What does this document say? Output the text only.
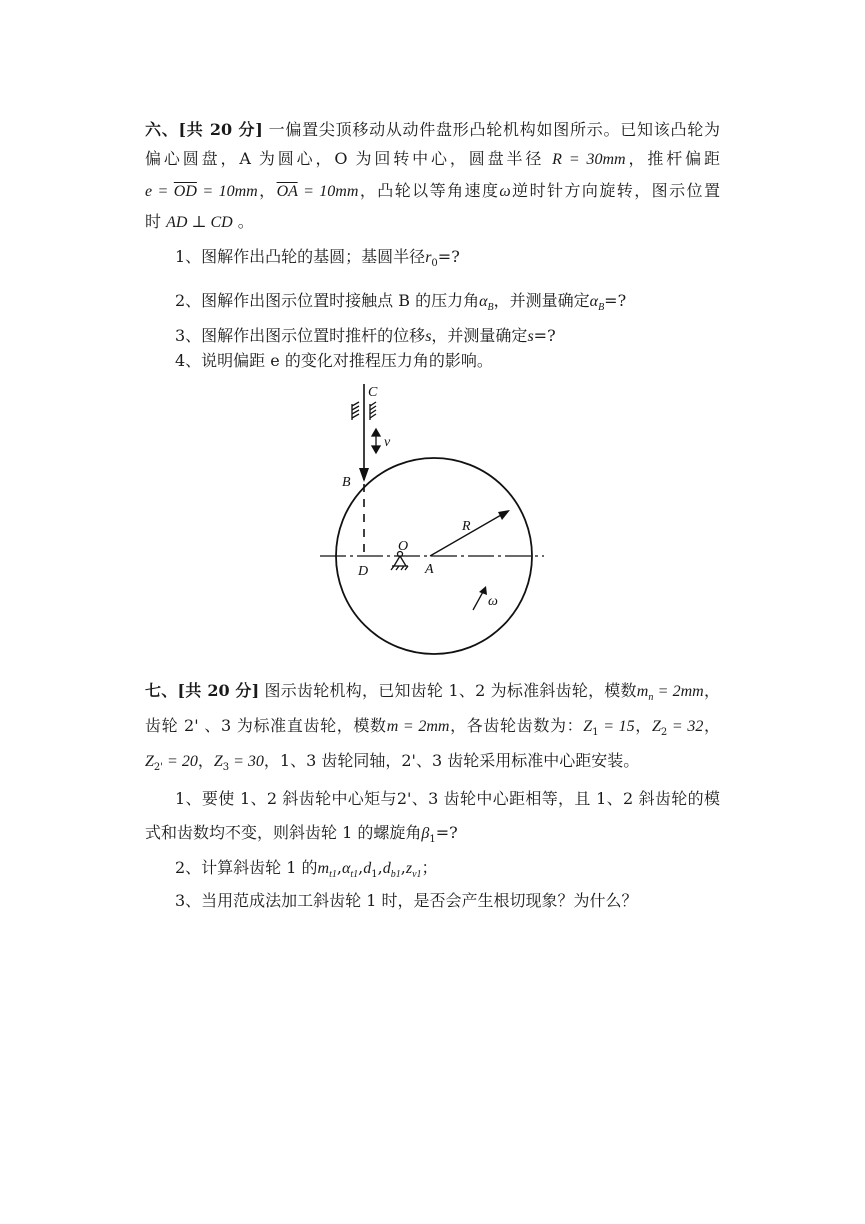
六、[共 20 分] 一偏置尖顶移动从动件盘形凸轮机构如图所示。已知该凸轮为
偏心圆盘，A 为圆心，O 为回转中心，圆盘半径 R = 30mm，推杆偏距
$e = \overline{OD} = 10mm$，$\overline{OA} = 10mm$，凸轮以等角速度ω逆时针方向旋转，图示位置
时 AD ⊥ CD 。
1、图解作出凸轮的基圆；基圆半径$r_0=$?
2、图解作出图示位置时接触点 B 的压力角$\alpha_B$，并测量确定$\alpha_B=$?
3、图解作出图示位置时推杆的位移s，并测量确定s=?
4、说明偏距 e 的变化对推程压力角的影响。
C
v
B
R
O
D	A
ω
七、[共 20 分] 图示齿轮机构，已知齿轮 1、2 为标准斜齿轮，模数$m_n = 2mm$，
齿轮 2' 、3 为标准直齿轮，模数m = 2mm，各齿轮齿数为：$Z_1 = 15$，$Z_2 = 32$，
$Z_{2'} = 20$，$Z_3 = 30$，1、3 齿轮同轴，2'、3 齿轮采用标准中心距安装。
1、要使 1、2 斜齿轮中心矩与2'、3 齿轮中心距相等，且 1、2 斜齿轮的模
式和齿数均不变，则斜齿轮 1 的螺旋角$\beta_1=$?
2、计算斜齿轮 1 的$m_{t1},\alpha_{t1},d_1,d_{b1},z_{v1}$；
3、当用范成法加工斜齿轮 1 时，是否会产生根切现象？为什么？
